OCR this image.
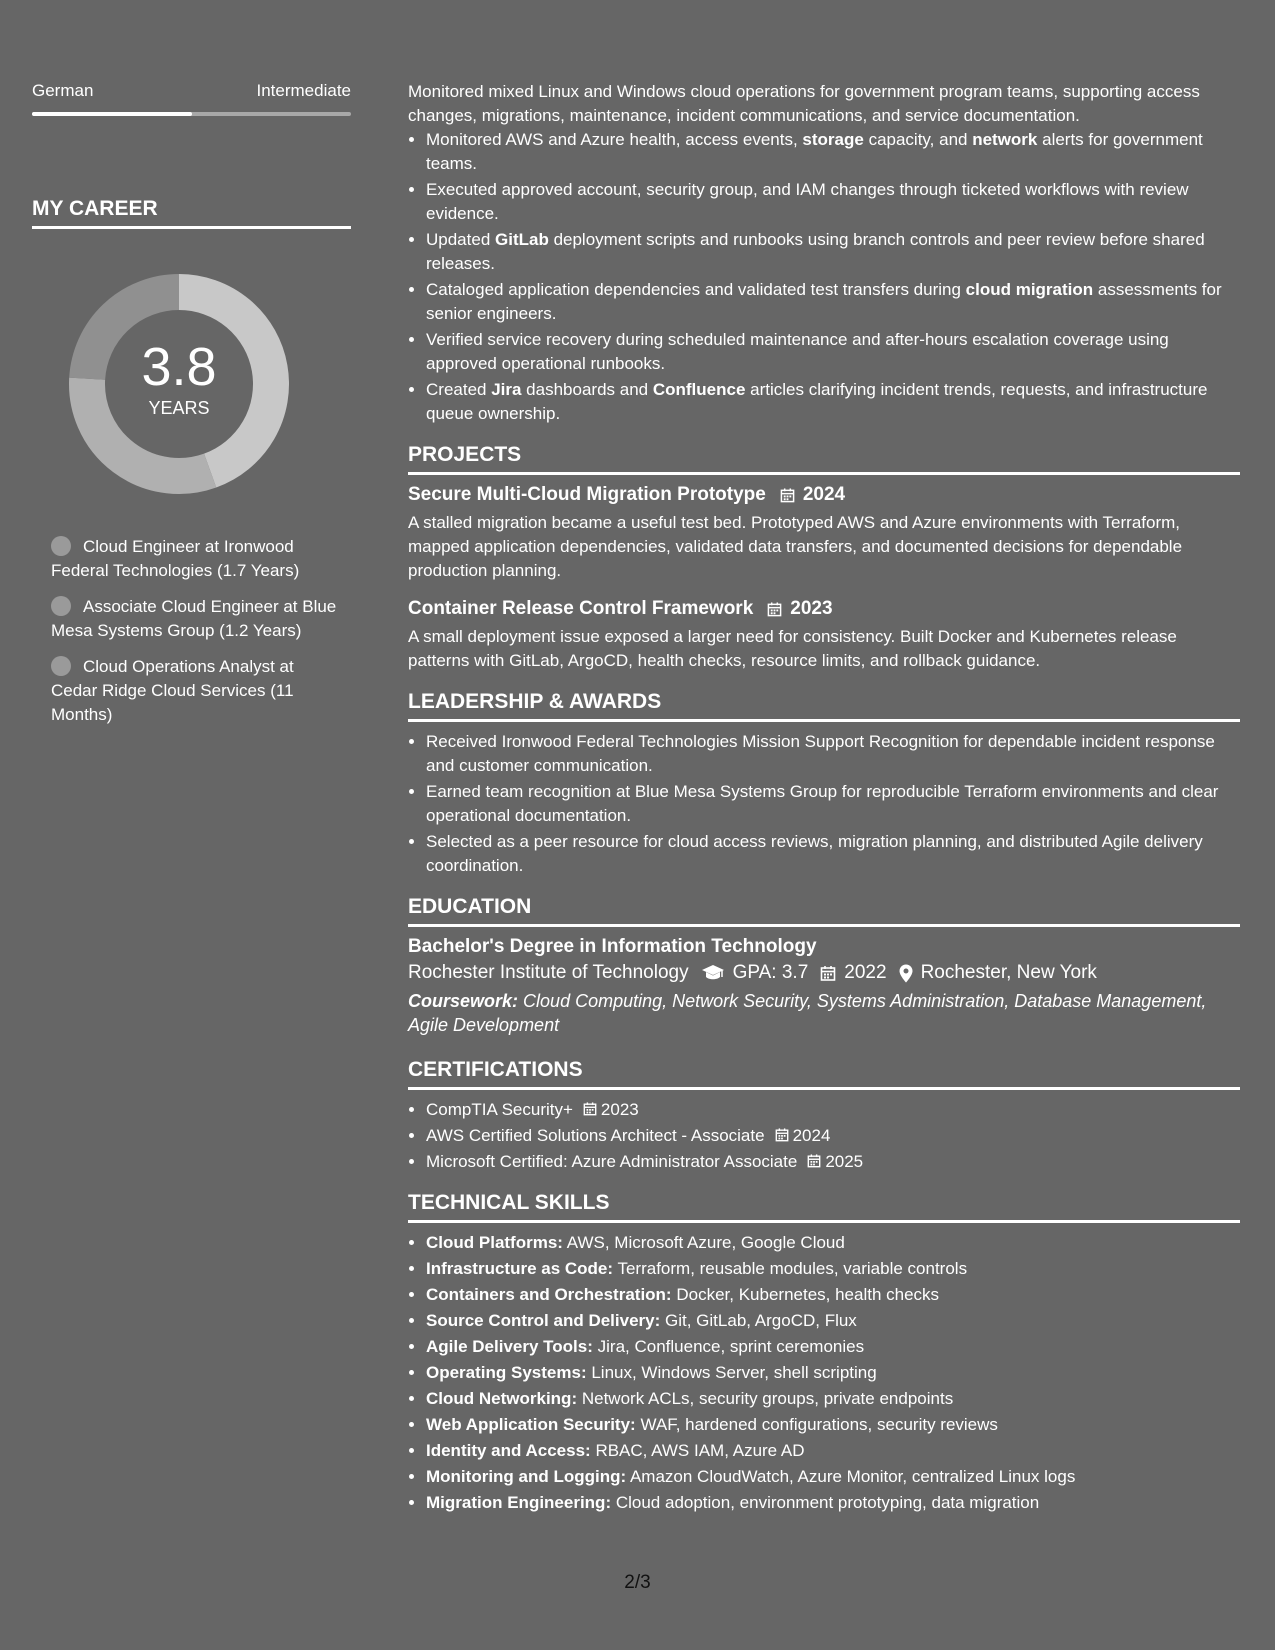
German	Intermediate
MY CAREER
3.8
YEARS
Cloud Engineer at Ironwood Federal Technologies (1.7 Years)
Associate Cloud Engineer at Blue Mesa Systems Group (1.2 Years)
Cloud Operations Analyst at Cedar Ridge Cloud Services (11 Months)

Monitored mixed Linux and Windows cloud operations for government program teams, supporting access changes, migrations, maintenance, incident communications, and service documentation.

• Monitored AWS and Azure health, access events, storage capacity, and network alerts for government teams.
• Executed approved account, security group, and IAM changes through ticketed workflows with review evidence.
• Updated GitLab deployment scripts and runbooks using branch controls and peer review before shared releases.
• Cataloged application dependencies and validated test transfers during cloud migration assessments for senior engineers.
• Verified service recovery during scheduled maintenance and after-hours escalation coverage using approved operational runbooks.
• Created Jira dashboards and Confluence articles clarifying incident trends, requests, and infrastructure queue ownership.
PROJECTS
Secure Multi-Cloud Migration Prototype 2024

A stalled migration became a useful test bed. Prototyped AWS and Azure environments with Terraform, mapped application dependencies, validated data transfers, and documented decisions for dependable production planning.

Container Release Control Framework 2023

A small deployment issue exposed a larger need for consistency. Built Docker and Kubernetes release patterns with GitLab, ArgoCD, health checks, resource limits, and rollback guidance.

LEADERSHIP & AWARDS
• Received Ironwood Federal Technologies Mission Support Recognition for dependable incident response and customer communication.
• Earned team recognition at Blue Mesa Systems Group for reproducible Terraform environments and clear operational documentation.
• Selected as a peer resource for cloud access reviews, migration planning, and distributed Agile delivery coordination.
EDUCATION
Bachelor's Degree in Information Technology
Rochester Institute of Technology GPA: 3.7 2022 Rochester, New York
Coursework: Cloud Computing, Network Security, Systems Administration, Database Management, Agile Development
CERTIFICATIONS
• CompTIA Security+ 2023
• AWS Certified Solutions Architect - Associate 2024
• Microsoft Certified: Azure Administrator Associate 2025
TECHNICAL SKILLS
• Cloud Platforms: AWS, Microsoft Azure, Google Cloud
• Infrastructure as Code: Terraform, reusable modules, variable controls
• Containers and Orchestration: Docker, Kubernetes, health checks
• Source Control and Delivery: Git, GitLab, ArgoCD, Flux
• Agile Delivery Tools: Jira, Confluence, sprint ceremonies
• Operating Systems: Linux, Windows Server, shell scripting
• Cloud Networking: Network ACLs, security groups, private endpoints
• Web Application Security: WAF, hardened configurations, security reviews
• Identity and Access: RBAC, AWS IAM, Azure AD
• Monitoring and Logging: Amazon CloudWatch, Azure Monitor, centralized Linux logs
• Migration Engineering: Cloud adoption, environment prototyping, data migration
2/3
